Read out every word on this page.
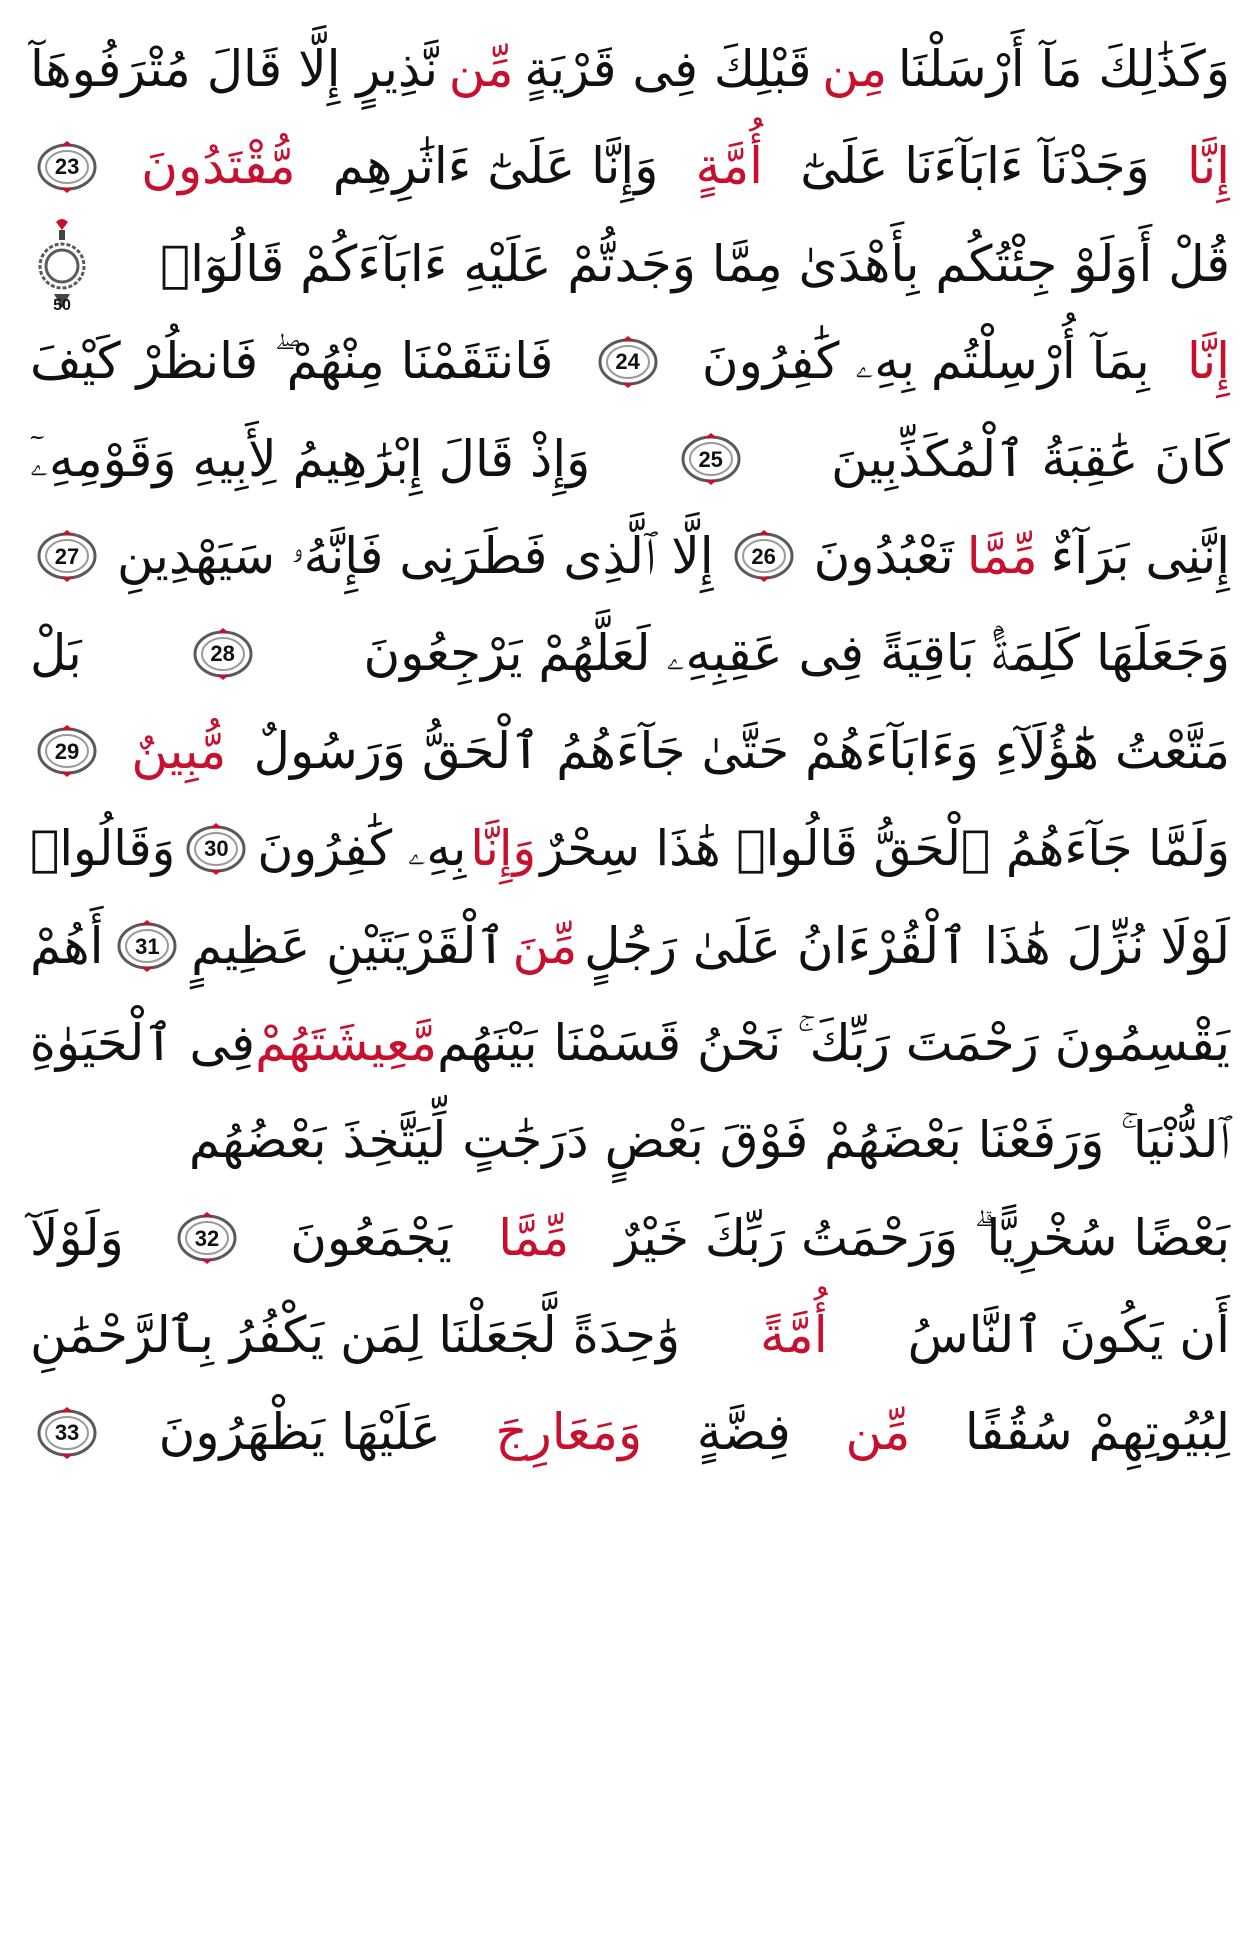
وَكَذَٰلِكَ مَآ أَرْسَلْنَا
مِن
قَبْلِكَ فِى قَرْيَةٍ
مِّن
نَّذِيرٍ إِلَّا قَالَ مُتْرَفُوهَآ
إِنَّا
وَجَدْنَآ ءَابَآءَنَا عَلَىٰٓ
أُمَّةٍ
وَإِنَّا عَلَىٰٓ ءَاثَٰرِهِم
مُّقْتَدُونَ
23
قُلْ أَوَلَوْ جِئْتُكُم بِأَهْدَىٰ مِمَّا وَجَدتُّمْ عَلَيْهِ ءَابَآءَكُمْ قَالُوٓا۟
50
إِنَّا
بِمَآ أُرْسِلْتُم بِهِۦ كَٰفِرُونَ
24
فَانتَقَمْنَا مِنْهُمْ ۖ فَانظُرْ كَيْفَ
كَانَ عَٰقِبَةُ ٱلْمُكَذِّبِينَ
25
وَإِذْ قَالَ إِبْرَٰهِيمُ لِأَبِيهِ وَقَوْمِهِۦٓ
إِنَّنِى بَرَآءٌ
مِّمَّا
تَعْبُدُونَ
26
إِلَّا ٱلَّذِى فَطَرَنِى فَإِنَّهُۥ سَيَهْدِينِ
27
وَجَعَلَهَا كَلِمَةًۢ بَاقِيَةً فِى عَقِبِهِۦ لَعَلَّهُمْ يَرْجِعُونَ
28
بَلْ
مَتَّعْتُ هَٰٓؤُلَآءِ وَءَابَآءَهُمْ حَتَّىٰ جَآءَهُمُ ٱلْحَقُّ وَرَسُولٌ
مُّبِينٌ
29
وَلَمَّا جَآءَهُمُ ٱلْحَقُّ قَالُوا۟ هَٰذَا سِحْرٌ
وَإِنَّا
بِهِۦ كَٰفِرُونَ
30
وَقَالُوا۟
لَوْلَا نُزِّلَ هَٰذَا ٱلْقُرْءَانُ عَلَىٰ رَجُلٍ
مِّنَ
ٱلْقَرْيَتَيْنِ عَظِيمٍ
31
أَهُمْ
يَقْسِمُونَ رَحْمَتَ رَبِّكَ ۚ نَحْنُ قَسَمْنَا بَيْنَهُم
مَّعِيشَتَهُمْ
فِى ٱلْحَيَوٰةِ
ٱلدُّنْيَا ۚ وَرَفَعْنَا بَعْضَهُمْ فَوْقَ بَعْضٍ دَرَجَٰتٍ لِّيَتَّخِذَ بَعْضُهُم
بَعْضًا سُخْرِيًّا ۗ وَرَحْمَتُ رَبِّكَ خَيْرٌ
مِّمَّا
يَجْمَعُونَ
32
وَلَوْلَآ
أَن يَكُونَ ٱلنَّاسُ
أُمَّةً
وَٰحِدَةً لَّجَعَلْنَا لِمَن يَكْفُرُ بِٱلرَّحْمَٰنِ
لِبُيُوتِهِمْ سُقُفًا
مِّن
فِضَّةٍ
وَمَعَارِجَ
عَلَيْهَا يَظْهَرُونَ
33
